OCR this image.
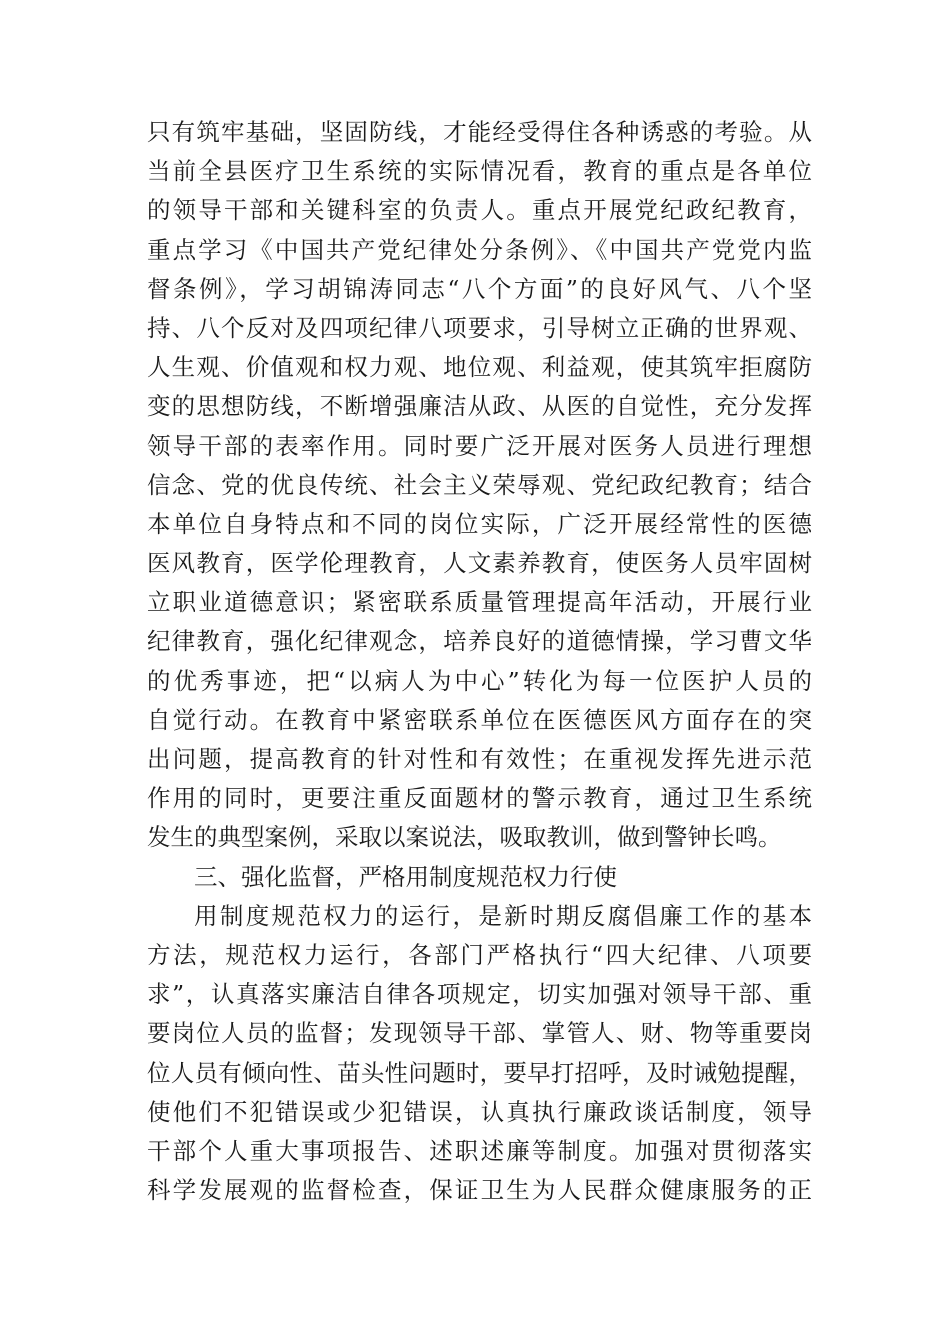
只有筑牢基础，坚固防线，才能经受得住各种诱惑的考验。从
当前全县医疗卫生系统的实际情况看，教育的重点是各单位
的领导干部和关键科室的负责人。重点开展党纪政纪教育，
重点学习《中国共产党纪律处分条例》、《中国共产党党内监
督条例》，学习胡锦涛同志“八个方面”的良好风气、八个坚
持、八个反对及四项纪律八项要求，引导树立正确的世界观、
人生观、价值观和权力观、地位观、利益观，使其筑牢拒腐防
变的思想防线，不断增强廉洁从政、从医的自觉性，充分发挥
领导干部的表率作用。同时要广泛开展对医务人员进行理想
信念、党的优良传统、社会主义荣辱观、党纪政纪教育；结合
本单位自身特点和不同的岗位实际，广泛开展经常性的医德
医风教育，医学伦理教育，人文素养教育，使医务人员牢固树
立职业道德意识；紧密联系质量管理提高年活动，开展行业
纪律教育，强化纪律观念，培养良好的道德情操，学习曹文华
的优秀事迹，把“以病人为中心”转化为每一位医护人员的
自觉行动。在教育中紧密联系单位在医德医风方面存在的突
出问题，提高教育的针对性和有效性；在重视发挥先进示范
作用的同时，更要注重反面题材的警示教育，通过卫生系统
发生的典型案例，采取以案说法，吸取教训，做到警钟长鸣。
三、强化监督，严格用制度规范权力行使
用制度规范权力的运行，是新时期反腐倡廉工作的基本
方法，规范权力运行，各部门严格执行“四大纪律、八项要
求”，认真落实廉洁自律各项规定，切实加强对领导干部、重
要岗位人员的监督；发现领导干部、掌管人、财、物等重要岗
位人员有倾向性、苗头性问题时，要早打招呼，及时诫勉提醒，
使他们不犯错误或少犯错误，认真执行廉政谈话制度，领导
干部个人重大事项报告、述职述廉等制度。加强对贯彻落实
科学发展观的监督检查，保证卫生为人民群众健康服务的正
